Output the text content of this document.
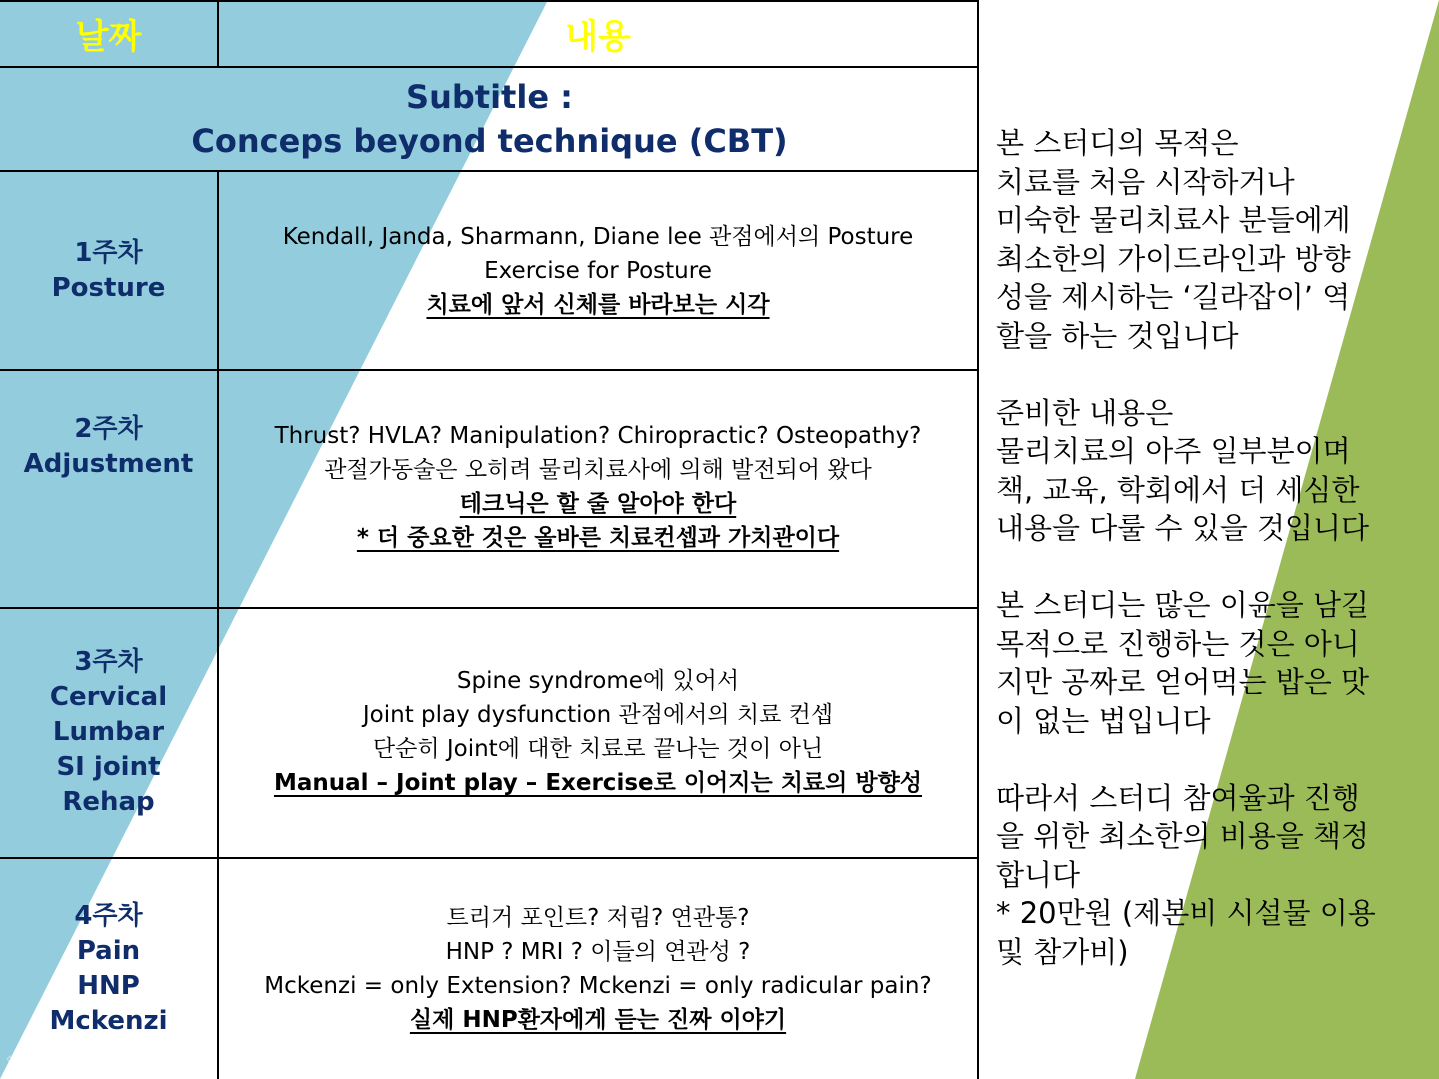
날짜	내용
Subtitle :
Conceps beyond technique (CBT)
1주차
Posture
Kendall, Janda, Sharmann, Diane lee 관점에서의 Posture
Exercise for Posture
치료에 앞서 신체를 바라보는 시각
2주차
Adjustment
Thrust? HVLA? Manipulation? Chiropractic? Osteopathy?
관절가동술은 오히려 물리치료사에 의해 발전되어 왔다
테크닉은 할 줄 알아야 한다
* 더 중요한 것은 올바른 치료컨셉과 가치관이다
3주차
Cervical
Lumbar
SI joint
Rehap
Spine syndrome에 있어서
Joint play dysfunction 관점에서의 치료 컨셉
단순히 Joint에 대한 치료로 끝나는 것이 아닌
Manual – Joint play – Exercise로 이어지는 치료의 방향성
4주차
Pain
HNP
Mckenzi
트리거 포인트? 저림? 연관통?
HNP ? MRI ? 이들의 연관성 ?
Mckenzi = only Extension? Mckenzi = only radicular pain?
실제 HNP환자에게 듣는 진짜 이야기
본 스터디의 목적은
치료를 처음 시작하거나
미숙한 물리치료사 분들에게
최소한의 가이드라인과 방향
성을 제시하는 ‘길라잡이’ 역
할을 하는 것입니다
준비한 내용은
물리치료의 아주 일부분이며
책, 교육, 학회에서 더 세심한
내용을 다룰 수 있을 것입니다
본 스터디는 많은 이윤을 남길
목적으로 진행하는 것은 아니
지만 공짜로 얻어먹는 밥은 맛
이 없는 법입니다
따라서 스터디 참여율과 진행
을 위한 최소한의 비용을 책정
합니다
* 20만원 (제본비 시설물 이용
및 참가비)
⇦ ✎ ☰ ⇨
